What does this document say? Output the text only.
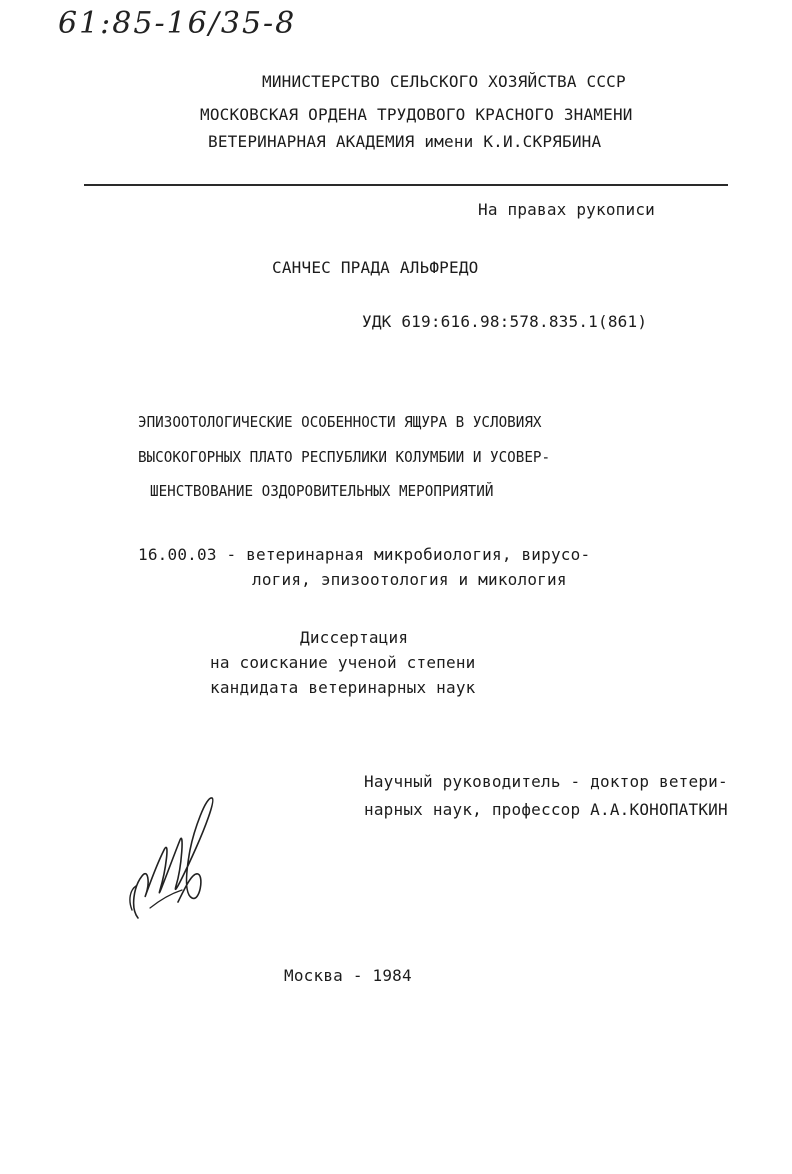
61:85-16/35-8
МИНИСТЕРСТВО СЕЛЬСКОГО ХОЗЯЙСТВА СССР
МОСКОВСКАЯ ОРДЕНА ТРУДОВОГО КРАСНОГО ЗНАМЕНИ
ВЕТЕРИНАРНАЯ АКАДЕМИЯ имени К.И.СКРЯБИНА
На правах рукописи
САНЧЕС ПРАДА АЛЬФРЕДО
УДК 619:616.98:578.835.1(861)
ЭПИЗООТОЛОГИЧЕСКИЕ ОСОБЕННОСТИ ЯЩУРА В УСЛОВИЯХ
ВЫСОКОГОРНЫХ ПЛАТО РЕСПУБЛИКИ КОЛУМБИИ И УСОВЕР-
ШЕНСТВОВАНИЕ ОЗДОРОВИТЕЛЬНЫХ МЕРОПРИЯТИЙ
16.00.03 - ветеринарная микробиология, вирусо-
логия, эпизоотология и микология
Диссертация
на соискание ученой степени
кандидата ветеринарных наук
Научный руководитель - доктор ветери-
нарных наук, профессор А.А.КОНОПАТКИН
Москва - 1984
